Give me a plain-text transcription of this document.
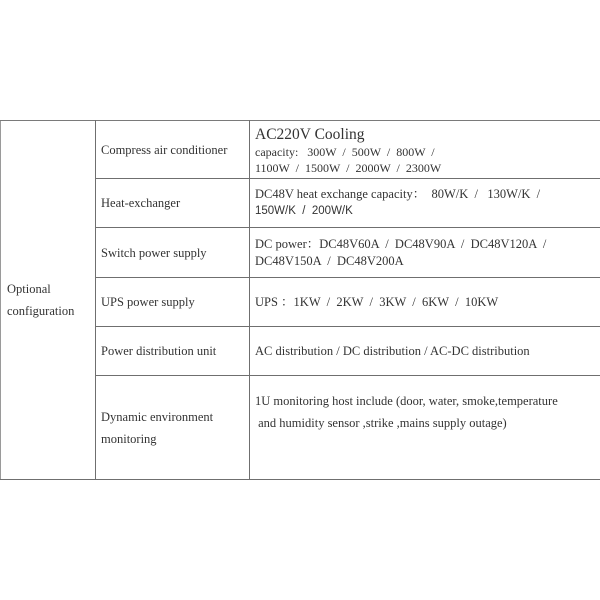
Optional configuration	Compress air conditioner	AC220V Cooling
capacity:   300W  /  500W  /  800W  /
1100W  /  1500W  /  2000W  /  2300W

	Heat-exchanger	DC48V heat exchange capacity：  80W/K  /   130W/K  /
150W/K  /  200W/K

	Switch power supply	DC power：DC48V60A  /  DC48V90A  /  DC48V120A  /
DC48V150A  /  DC48V200A

	UPS power supply	UPS ：1KW  /  2KW  /  3KW  /  6KW  /  10KW

	Power distribution unit	AC distribution / DC distribution / AC-DC distribution

	Dynamic environment monitoring	1U monitoring host include (door, water, smoke,temperature
and humidity sensor ,strike ,mains supply outage)
